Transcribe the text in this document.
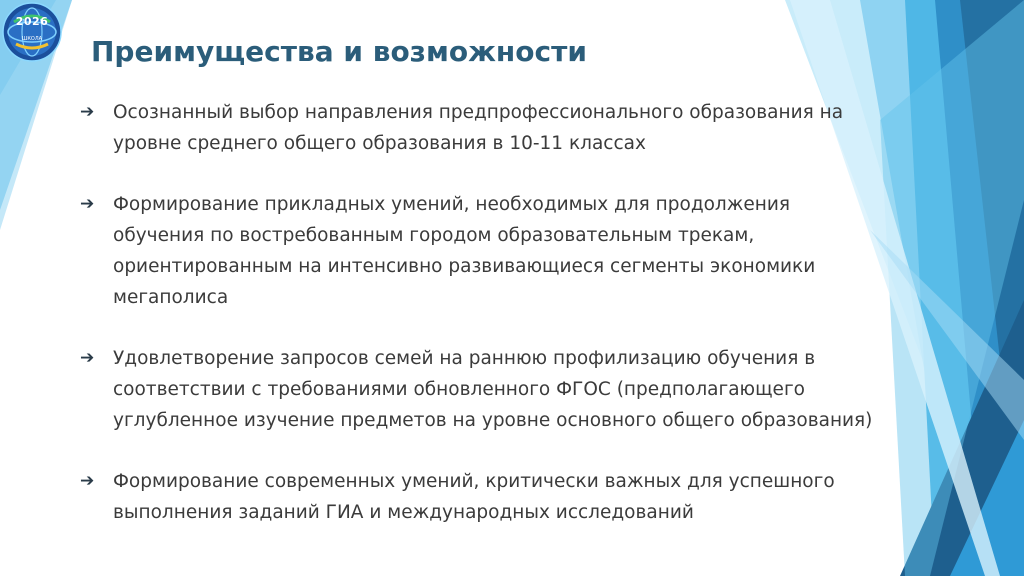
2026
ШКОЛА	Преимущества и возможности
➔ Осознанный выбор направления предпрофессионального образования на уровне среднего общего образования в 10-11 классах
➔ Формирование прикладных умений, необходимых для продолжения обучения по востребованным городом образовательным трекам, ориентированным на интенсивно развивающиеся сегменты экономики мегаполиса
➔ Удовлетворение запросов семей на раннюю профилизацию обучения в соответствии с требованиями обновленного ФГОС (предполагающего углубленное изучение предметов на уровне основного общего образования)
➔ Формирование современных умений, критически важных для успешного выполнения заданий ГИА и международных исследований
